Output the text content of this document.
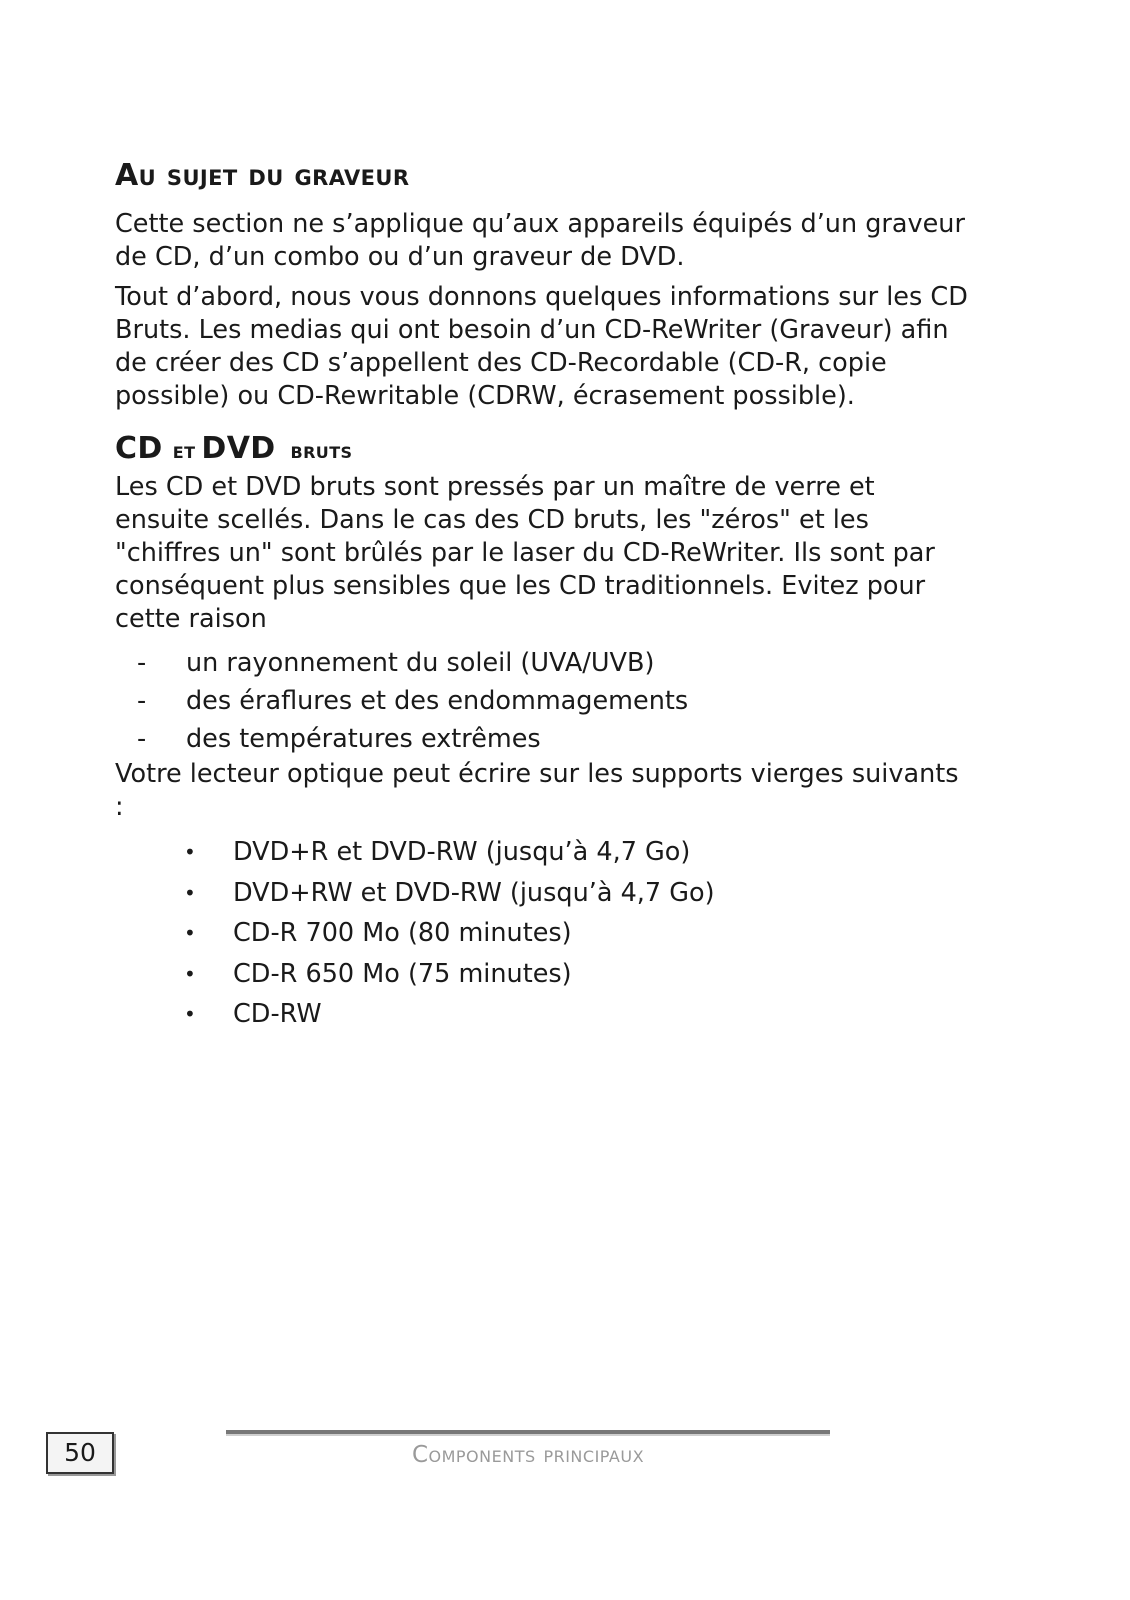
Au sujet du graveur

Cette section ne s’applique qu’aux appareils équipés d’un graveur de CD, d’un combo ou d’un graveur de DVD.

Tout d’abord, nous vous donnons quelques informations sur les CD Bruts. Les medias qui ont besoin d’un CD-ReWriter (Graveur) afin de créer des CD s’appellent des CD-Recordable (CD-R, copie possible) ou CD-Rewritable (CDRW, écrasement possible).

CD et DVD bruts

Les CD et DVD bruts sont pressés par un maître de verre et ensuite scellés. Dans le cas des CD bruts, les "zéros" et les "chiffres un" sont brûlés par le laser du CD-ReWriter. Ils sont par conséquent plus sensibles que les CD traditionnels. Evitez pour cette raison

- un rayonnement du soleil (UVA/UVB)
- des éraflures et des endommagements
- des températures extrêmes

Votre lecteur optique peut écrire sur les supports vierges suivants :

• DVD+R et DVD-RW (jusqu’à 4,7 Go)
• DVD+RW et DVD-RW (jusqu’à 4,7 Go)
• CD-R 700 Mo (80 minutes)
• CD-R 650 Mo (75 minutes)
• CD-RW
50	Components principaux
